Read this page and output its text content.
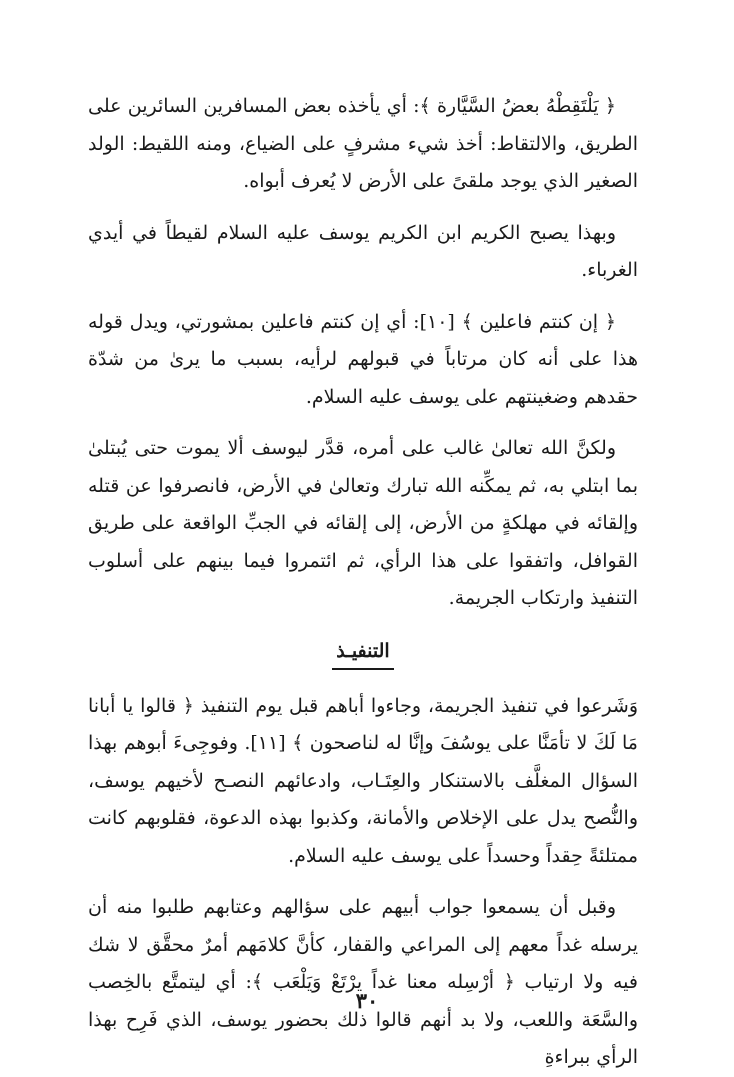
﴿ يَلْتَقِطْهُ بعضُ السَّيَّارة ﴾: أي يأخذه بعض المسافرين السائرين على الطريق، والالتقاط: أخذ شيء مشرفٍ على الضياع، ومنه اللقيط: الولد الصغير الذي يوجد ملقىً على الأرض لا يُعرف أبواه.

وبهذا يصبح الكريم ابن الكريم يوسف عليه السلام لقيطاً في أيدي الغرباء.

﴿ إن كنتم فاعلين ﴾ [١٠]: أي إن كنتم فاعلين بمشورتي، ويدل قوله هذا على أنه كان مرتاباً في قبولهم لرأيه، بسبب ما يرىٰ من شدّة حقدهم وضغينتهم على يوسف عليه السلام.

ولكنَّ الله تعالىٰ غالب على أمره، قدَّر ليوسف ألا يموت حتى يُبتلىٰ بما ابتلي به، ثم يمكِّنه الله تبارك وتعالىٰ في الأرض، فانصرفوا عن قتله وإلقائه في مهلكةٍ من الأرض، إلى إلقائه في الجبِّ الواقعة على طريق القوافل، واتفقوا على هذا الرأي، ثم ائتمروا فيما بينهم على أسلوب التنفيذ وارتكاب الجريمة.

التنفيـذ

وَشَرعوا في تنفيذ الجريمة، وجاءوا أباهم قبل يوم التنفيذ ﴿ قالوا يا أبانا مَا لَكَ لا تأمَنَّا على يوسُفَ وإنَّا له لناصحون ﴾ [١١]. وفوجِىءَ أبوهم بهذا السؤال المغلَّف بالاستنكار والعِتَـاب، وادعائهم النصـح لأخيهم يوسف، والنُّصح يدل على الإخلاص والأمانة، وكذبوا بهذه الدعوة، فقلوبهم كانت ممتلئةً حِقداً وحسداً على يوسف عليه السلام.

وقبل أن يسمعوا جواب أبيهم على سؤالهم وعتابهم طلبوا منه أن يرسله غداً معهم إلى المراعي والقفار، كأنَّ كلامَهم أمرٌ محقَّق لا شك فيه ولا ارتياب ﴿ أرْسِله معنا غداً يرْتَعْ وَيَلْعَب ﴾: أي ليتمتَّع بالخِصب والسَّعَة واللعب، ولا بد أنهم قالوا ذلك بحضور يوسف، الذي فَرِح بهذا الرأي ببراءةِ

٣٠
